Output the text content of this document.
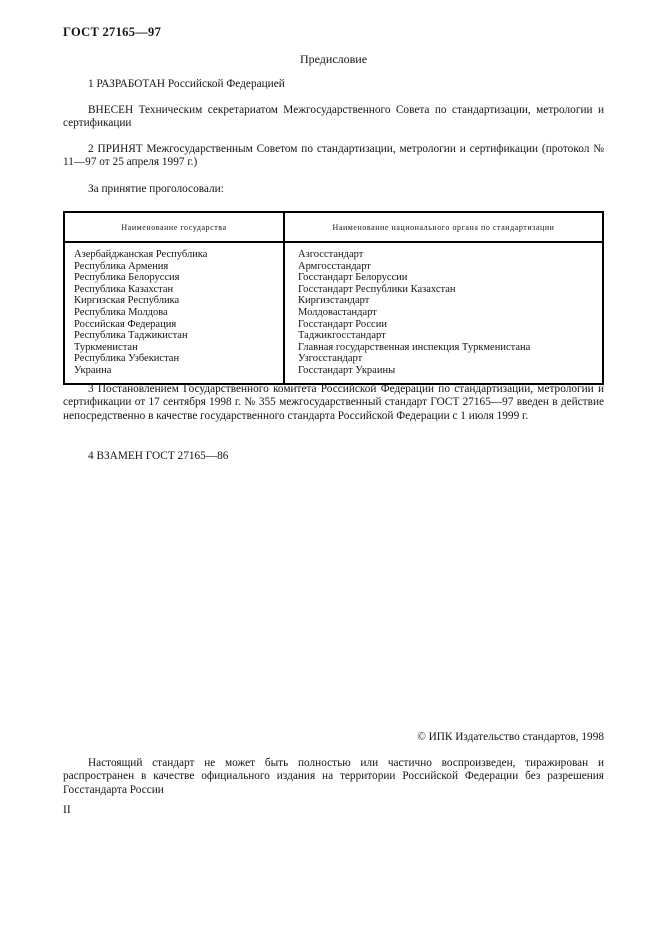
ГОСТ 27165—97
Предисловие

1 РАЗРАБОТАН Российской Федерацией

ВНЕСЕН Техническим секретариатом Межгосударственного Совета по стандартизации, метрологии и сертификации

2 ПРИНЯТ Межгосударственным Советом по стандартизации, метрологии и сертификации (протокол № 11—97 от 25 апреля 1997 г.)

За принятие проголосовали:

Наименование государства	Наименование национального органа по стандартизации
Азербайджанская Республика	Азгосстандарт
Республика Армения	Армгосстандарт
Республика Белоруссия	Госстандарт Белоруссии
Республика Казахстан	Госстандарт Республики Казахстан
Киргизская Республика	Киргизстандарт
Республика Молдова	Молдовастандарт
Российская Федерация	Госстандарт России
Республика Таджикистан	Таджикгосстандарт
Туркменистан	Главная государственная инспекция Туркменистана
Республика Узбекистан	Узгосстандарт
Украина	Госстандарт Украины

3 Постановлением Государственного комитета Российской Федерации по стандартизации, метрологии и сертификации от 17 сентября 1998 г. № 355 межгосударственный стандарт ГОСТ 27165—97 введен в действие непосредственно в качестве государственного стандарта Российской Федерации с 1 июля 1999 г.

4 ВЗАМЕН ГОСТ 27165—86

© ИПК Издательство стандартов, 1998

Настоящий стандарт не может быть полностью или частично воспроизведен, тиражирован и распространен в качестве официального издания на территории Российской Федерации без разрешения Госстандарта России

II
